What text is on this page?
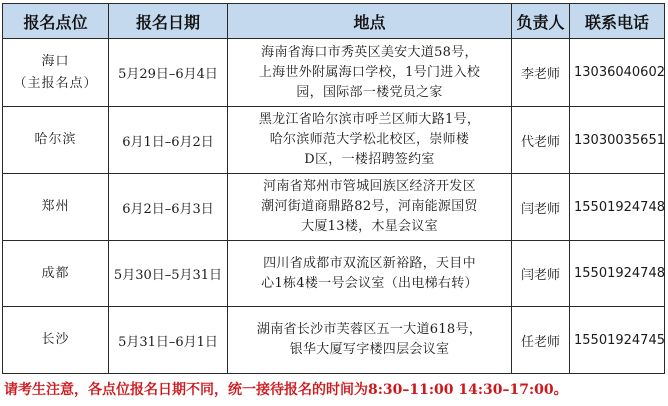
报名点位	报名日期	地点	负责人	联系电话

海口
（主报名点）	5月29日–6月4日	海南省海口市秀英区美安大道58号，
上海世外附属海口学校，1号门进入校
园，国际部一楼党员之家	李老师	13036040602

哈尔滨	6月1日–6月2日	黑龙江省哈尔滨市呼兰区师大路1号，
哈尔滨师范大学松北校区，崇师楼
D区，一楼招聘签约室	代老师	13030035651

郑州	6月2日–6月3日	河南省郑州市管城回族区经济开发区
潮河街道商鼎路82号，河南能源国贸
大厦13楼，木星会议室	闫老师	15501924748

成都	5月30日–5月31日	四川省成都市双流区新裕路，天目中
心1栋4楼一号会议室（出电梯右转）	闫老师	15501924748

长沙	5月31日–6月1日	湖南省长沙市芙蓉区五一大道618号，
银华大厦写字楼四层会议室	任老师	15501924745
请考生注意，各点位报名日期不同，统一接待报名的时间为8:30–11:00 14:30–17:00。
